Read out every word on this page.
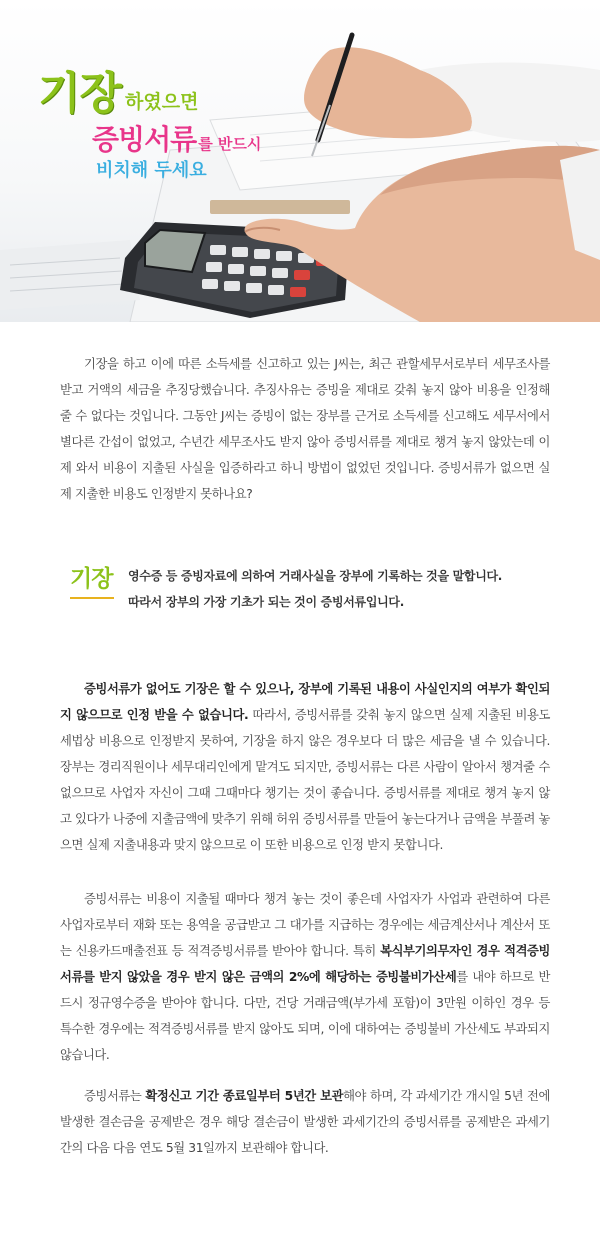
기장 하였으면
증빙서류 를 반드시
비치해 두세요

기장을 하고 이에 따른 소득세를 신고하고 있는 J씨는, 최근 관할세무서로부터 세무조사를 받고 거액의 세금을 추징당했습니다. 추징사유는 증빙을 제대로 갖춰 놓지 않아 비용을 인정해 줄 수 없다는 것입니다. 그동안 J씨는 증빙이 없는 장부를 근거로 소득세를 신고해도 세무서에서 별다른 간섭이 없었고, 수년간 세무조사도 받지 않아 증빙서류를 제대로 챙겨 놓지 않았는데 이제 와서 비용이 지출된 사실을 입증하라고 하니 방법이 없었던 것입니다. 증빙서류가 없으면 실제 지출한 비용도 인정받지 못하나요?

기장 영수증 등 증빙자료에 의하여 거래사실을 장부에 기록하는 것을 말합니다.
따라서 장부의 가장 기초가 되는 것이 증빙서류입니다.

증빙서류가 없어도 기장은 할 수 있으나, 장부에 기록된 내용이 사실인지의 여부가 확인되지 않으므로 인정 받을 수 없습니다. 따라서, 증빙서류를 갖춰 놓지 않으면 실제 지출된 비용도 세법상 비용으로 인정받지 못하여, 기장을 하지 않은 경우보다 더 많은 세금을 낼 수 있습니다. 장부는 경리직원이나 세무대리인에게 맡겨도 되지만, 증빙서류는 다른 사람이 알아서 챙겨줄 수 없으므로 사업자 자신이 그때 그때마다 챙기는 것이 좋습니다. 증빙서류를 제대로 챙겨 놓지 않고 있다가 나중에 지출금액에 맞추기 위해 허위 증빙서류를 만들어 놓는다거나 금액을 부풀려 놓으면 실제 지출내용과 맞지 않으므로 이 또한 비용으로 인정 받지 못합니다.

증빙서류는 비용이 지출될 때마다 챙겨 놓는 것이 좋은데 사업자가 사업과 관련하여 다른 사업자로부터 재화 또는 용역을 공급받고 그 대가를 지급하는 경우에는 세금계산서나 계산서 또는 신용카드매출전표 등 적격증빙서류를 받아야 합니다. 특히 복식부기의무자인 경우 적격증빙서류를 받지 않았을 경우 받지 않은 금액의 2%에 해당하는 증빙불비가산세를 내야 하므로 반드시 정규영수증을 받아야 합니다. 다만, 건당 거래금액(부가세 포함)이 3만원 이하인 경우 등 특수한 경우에는 적격증빙서류를 받지 않아도 되며, 이에 대하여는 증빙불비 가산세도 부과되지 않습니다.

증빙서류는 확정신고 기간 종료일부터 5년간 보관해야 하며, 각 과세기간 개시일 5년 전에 발생한 결손금을 공제받은 경우 해당 결손금이 발생한 과세기간의 증빙서류를 공제받은 과세기간의 다음 다음 연도 5월 31일까지 보관해야 합니다.
